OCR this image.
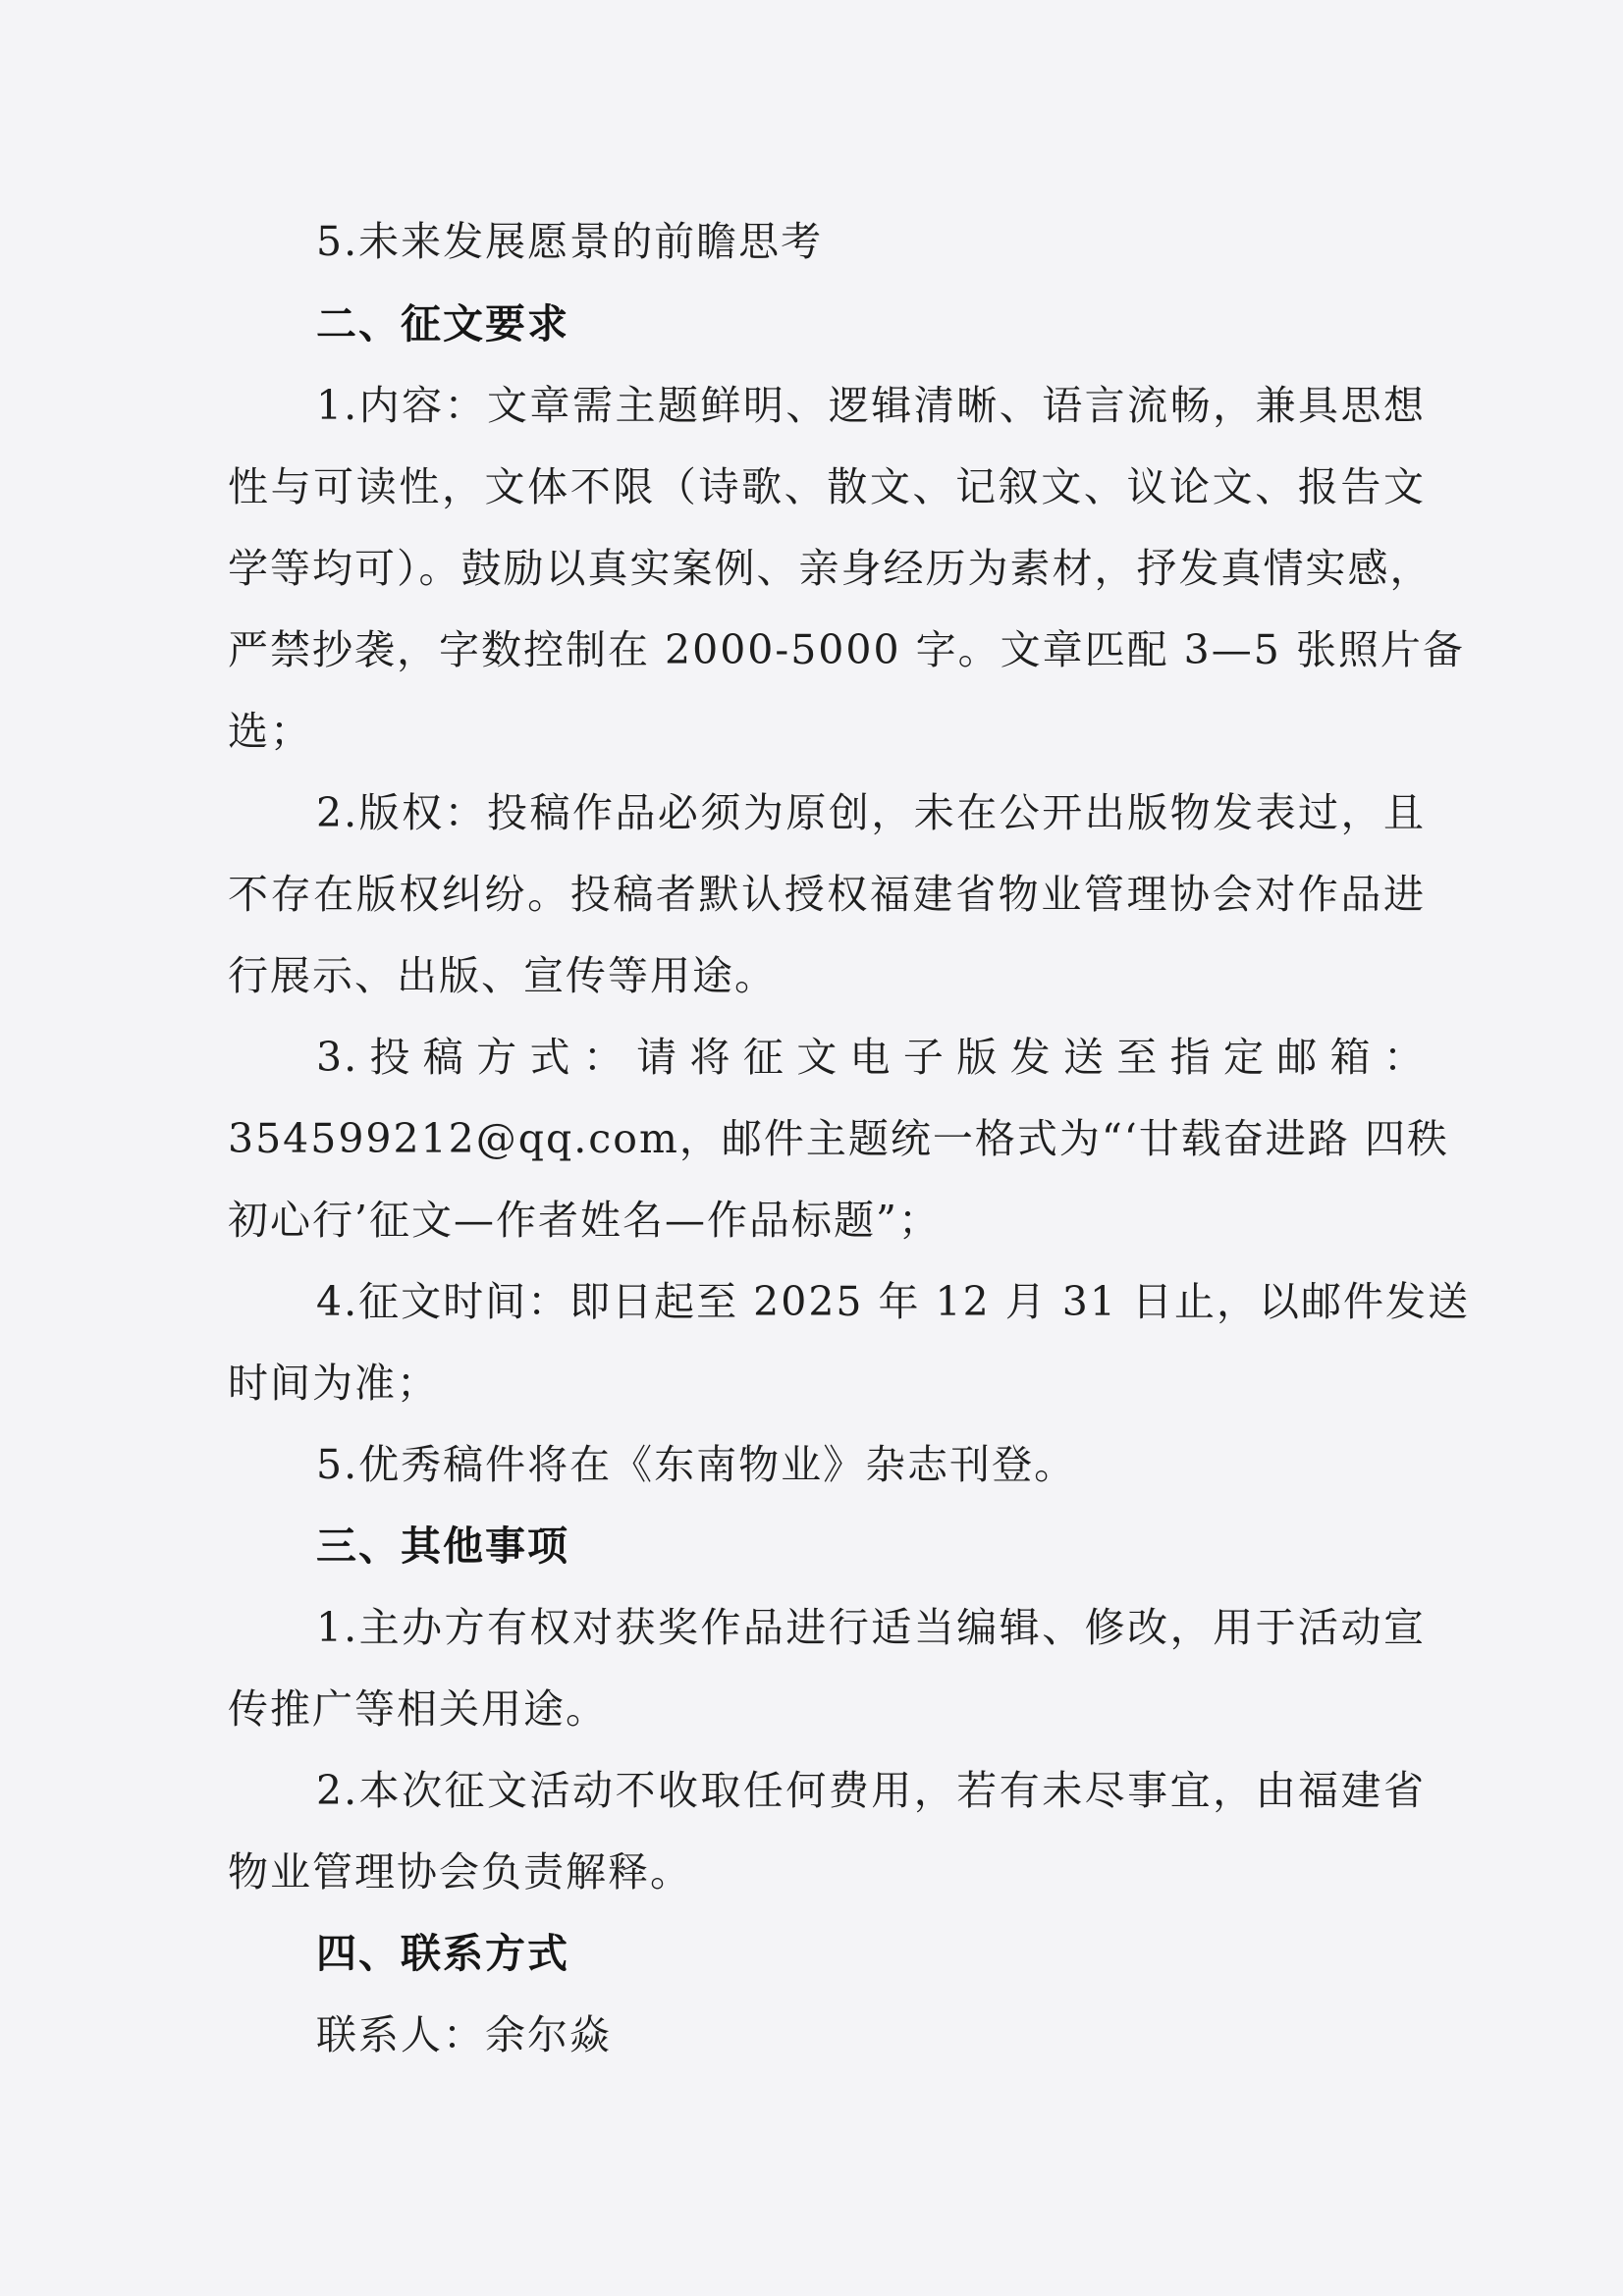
5.未来发展愿景的前瞻思考
二、征文要求
1.内容：文章需主题鲜明、逻辑清晰、语言流畅，兼具思想
性与可读性，文体不限（诗歌、散文、记叙文、议论文、报告文
学等均可）。鼓励以真实案例、亲身经历为素材，抒发真情实感，
严禁抄袭，字数控制在 2000-5000 字。文章匹配 3—5 张照片备
选；
2.版权：投稿作品必须为原创，未在公开出版物发表过，且
不存在版权纠纷。投稿者默认授权福建省物业管理协会对作品进
行展示、出版、宣传等用途。
3.投稿方式：请将征文电子版发送至指定邮箱：
354599212@qq.com，邮件主题统一格式为“‘廿载奋进路 四秩
初心行’征文—作者姓名—作品标题”；
4.征文时间：即日起至 2025 年 12 月 31 日止，以邮件发送
时间为准；
5.优秀稿件将在《东南物业》杂志刊登。
三、其他事项
1.主办方有权对获奖作品进行适当编辑、修改，用于活动宣
传推广等相关用途。
2.本次征文活动不收取任何费用，若有未尽事宜，由福建省
物业管理协会负责解释。
四、联系方式
联系人：余尔焱
